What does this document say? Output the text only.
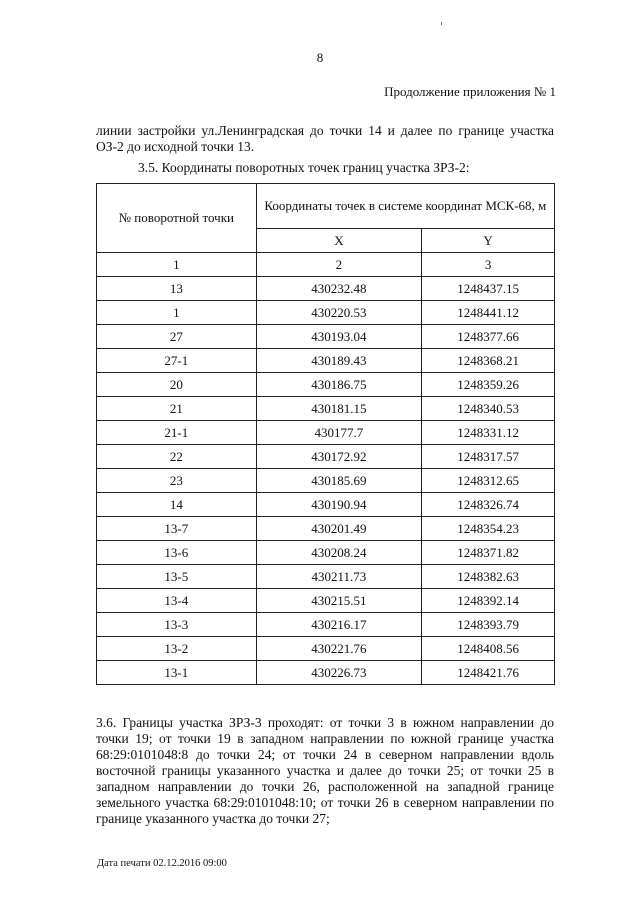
8
Продолжение приложения № 1
линии застройки ул.Ленинградская до точки 14 и далее по границе участка ОЗ-2 до исходной точки 13.
3.5. Координаты поворотных точек границ участка ЗРЗ-2:
№ поворотной точки	Координаты точек в системе координат МСК-68, м	
	X	Y
1	2	3
13	430232.48	1248437.15
1	430220.53	1248441.12
27	430193.04	1248377.66
27-1	430189.43	1248368.21
20	430186.75	1248359.26
21	430181.15	1248340.53
21-1	430177.7	1248331.12
22	430172.92	1248317.57
23	430185.69	1248312.65
14	430190.94	1248326.74
13-7	430201.49	1248354.23
13-6	430208.24	1248371.82
13-5	430211.73	1248382.63
13-4	430215.51	1248392.14
13-3	430216.17	1248393.79
13-2	430221.76	1248408.56
13-1	430226.73	1248421.76
3.6. Границы участка ЗРЗ-3 проходят: от точки 3 в южном направлении до точки 19; от точки 19 в западном направлении по южной границе участка 68:29:0101048:8 до точки 24; от точки 24 в северном направлении вдоль восточной границы указанного участка и далее до точки 25; от точки 25 в западном направлении до точки 26, расположенной на западной границе земельного участка 68:29:0101048:10; от точки 26 в северном направлении по границе указанного участка до точки 27;
Дата печати 02.12.2016 09:00
